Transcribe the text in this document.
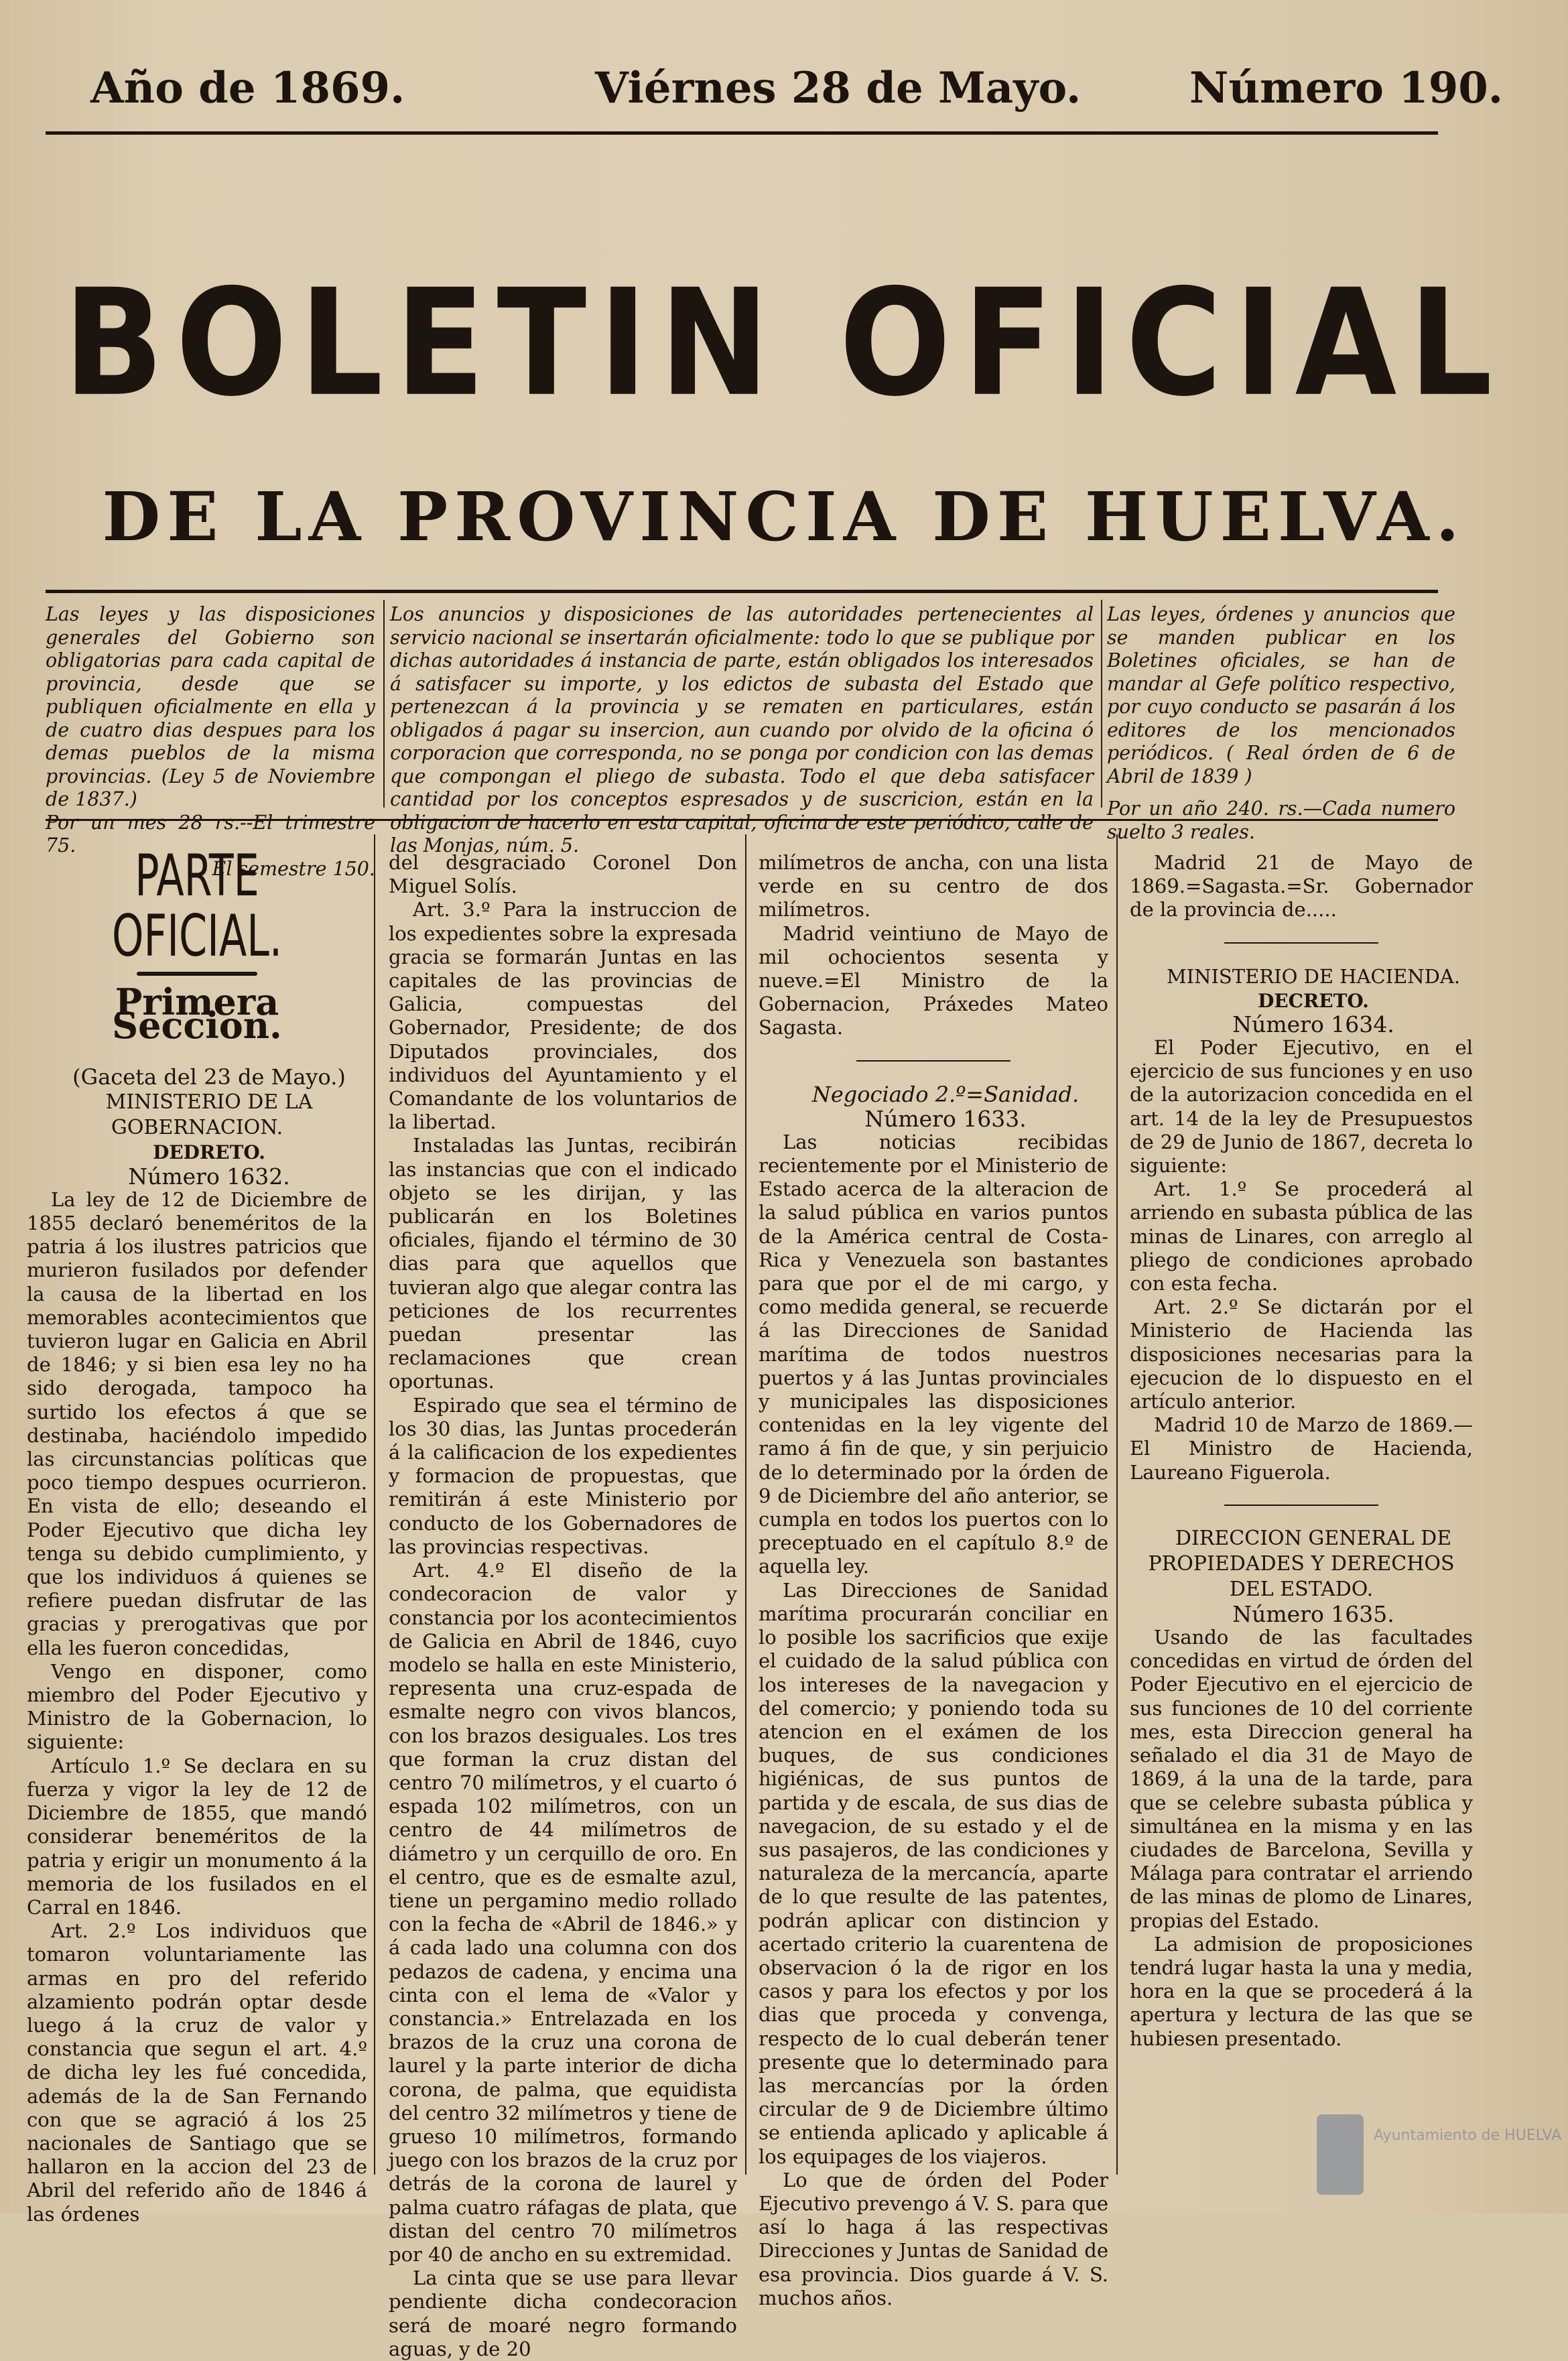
Año de 1869.	Viérnes 28 de Mayo.	Número 190.
BOLETIN OFICIAL
DE LA PROVINCIA DE HUELVA.
Las leyes y las disposiciones generales del Gobierno son obligatorias para cada capital de provincia, desde que se publiquen oficialmente en ella y de cuatro dias despues para los demas pueblos de la misma provincias. (Ley 5 de Noviembre de 1837.)
Por un mes 28 rs.--El trimestre 75.
El semestre 150.
Los anuncios y disposiciones de las autoridades pertenecientes al servicio nacional se insertarán oficialmente: todo lo que se publique por dichas autoridades á instancia de parte, están obligados los interesados á satisfacer su importe, y los edictos de subasta del Estado que pertenezcan á la provincia y se rematen en particulares, están obligados á pagar su insercion, aun cuando por olvido de la oficina ó corporacion que corresponda, no se ponga por condicion con las demas que compongan el pliego de subasta. Todo el que deba satisfacer cantidad por los conceptos espresados y de suscricion, están en la obligacion de hacerlo en esta capital, oficina de este periódico, calle de las Monjas, núm. 5.
Las leyes, órdenes y anuncios que se manden publicar en los Boletines oficiales, se han de mandar al Gefe político respectivo, por cuyo conducto se pasarán á los editores de los mencionados periódicos. ( Real órden de 6 de Abril de 1839 )
Por un año 240. rs.—Cada numero suelto 3 reales.
PARTE OFICIAL.
Primera Seccion.

(Gaceta del 23 de Mayo.)

MINISTERIO DE LA GOBERNACION.

DEDRETO.

Número 1632.

La ley de 12 de Diciembre de 1855 declaró beneméritos de la patria á los ilustres patricios que murieron fusilados por defender la causa de la libertad en los memorables acontecimientos que tuvieron lugar en Galicia en Abril de 1846; y si bien esa ley no ha sido derogada, tampoco ha surtido los efectos á que se destinaba, haciéndolo impedido las circunstancias políticas que poco tiempo despues ocurrieron. En vista de ello; deseando el Poder Ejecutivo que dicha ley tenga su debido cumplimiento, y que los individuos á quienes se refiere puedan disfrutar de las gracias y prerogativas que por ella les fueron concedidas,

Vengo en disponer, como miembro del Poder Ejecutivo y Ministro de la Gobernacion, lo siguiente:

Artículo 1.º Se declara en su fuerza y vigor la ley de 12 de Diciembre de 1855, que mandó considerar beneméritos de la patria y erigir un monumento á la memoria de los fusilados en el Carral en 1846.

Art. 2.º Los individuos que tomaron voluntariamente las armas en pro del referido alzamiento podrán optar desde luego á la cruz de valor y constancia que segun el art. 4.º de dicha ley les fué concedida, además de la de San Fernando con que se agració á los 25 nacionales de Santiago que se hallaron en la accion del 23 de Abril del referido año de 1846 á las órdenes

del desgraciado Coronel Don Miguel Solís.

Art. 3.º Para la instruccion de los expedientes sobre la expresada gracia se formarán Juntas en las capitales de las provincias de Galicia, compuestas del Gobernador, Presidente; de dos Diputados provinciales, dos individuos del Ayuntamiento y el Comandante de los voluntarios de la libertad.

Instaladas las Juntas, recibirán las instancias que con el indicado objeto se les dirijan, y las publicarán en los Boletines oficiales, fijando el término de 30 dias para que aquellos que tuvieran algo que alegar contra las peticiones de los recurrentes puedan presentar las reclamaciones que crean oportunas.

Espirado que sea el término de los 30 dias, las Juntas procederán á la calificacion de los expedientes y formacion de propuestas, que remitirán á este Ministerio por conducto de los Gobernadores de las provincias respectivas.

Art. 4.º El diseño de la condecoracion de valor y constancia por los acontecimientos de Galicia en Abril de 1846, cuyo modelo se halla en este Ministerio, representa una cruz-espada de esmalte negro con vivos blancos, con los brazos desiguales. Los tres que forman la cruz distan del centro 70 milímetros, y el cuarto ó espada 102 milímetros, con un centro de 44 milímetros de diámetro y un cerquillo de oro. En el centro, que es de esmalte azul, tiene un pergamino medio rollado con la fecha de «Abril de 1846.» y á cada lado una columna con dos pedazos de cadena, y encima una cinta con el lema de «Valor y constancia.» Entrelazada en los brazos de la cruz una corona de laurel y la parte interior de dicha corona, de palma, que equidista del centro 32 milímetros y tiene de grueso 10 milímetros, formando juego con los brazos de la cruz por detrás de la corona de laurel y palma cuatro ráfagas de plata, que distan del centro 70 milímetros por 40 de ancho en su extremidad.

La cinta que se use para llevar pendiente dicha condecoracion será de moaré negro formando aguas, y de 20

milímetros de ancha, con una lista verde en su centro de dos milímetros.

Madrid veintiuno de Mayo de mil ochocientos sesenta y nueve.=El Ministro de la Gobernacion, Práxedes Mateo Sagasta.

Negociado 2.º=Sanidad.

Número 1633.

Las noticias recibidas recientemente por el Ministerio de Estado acerca de la alteracion de la salud pública en varios puntos de la América central de Costa-Rica y Venezuela son bastantes para que por el de mi cargo, y como medida general, se recuerde á las Direcciones de Sanidad marítima de todos nuestros puertos y á las Juntas provinciales y municipales las disposiciones contenidas en la ley vigente del ramo á fin de que, y sin perjuicio de lo determinado por la órden de 9 de Diciembre del año anterior, se cumpla en todos los puertos con lo preceptuado en el capítulo 8.º de aquella ley.

Las Direcciones de Sanidad marítima procurarán conciliar en lo posible los sacrificios que exije el cuidado de la salud pública con los intereses de la navegacion y del comercio; y poniendo toda su atencion en el exámen de los buques, de sus condiciones higiénicas, de sus puntos de partida y de escala, de sus dias de navegacion, de su estado y el de sus pasajeros, de las condiciones y naturaleza de la mercancía, aparte de lo que resulte de las patentes, podrán aplicar con distincion y acertado criterio la cuarentena de observacion ó la de rigor en los casos y para los efectos y por los dias que proceda y convenga, respecto de lo cual deberán tener presente que lo determinado para las mercancías por la órden circular de 9 de Diciembre último se entienda aplicado y aplicable á los equipages de los viajeros.

Lo que de órden del Poder Ejecutivo prevengo á V. S. para que así lo haga á las respectivas Direcciones y Juntas de Sanidad de esa provincia. Dios guarde á V. S. muchos años.

Madrid 21 de Mayo de 1869.=Sagasta.=Sr. Gobernador de la provincia de.....

MINISTERIO DE HACIENDA.

DECRETO.

Número 1634.

El Poder Ejecutivo, en el ejercicio de sus funciones y en uso de la autorizacion concedida en el art. 14 de la ley de Presupuestos de 29 de Junio de 1867, decreta lo siguiente:

Art. 1.º Se procederá al arriendo en subasta pública de las minas de Linares, con arreglo al pliego de condiciones aprobado con esta fecha.

Art. 2.º Se dictarán por el Ministerio de Hacienda las disposiciones necesarias para la ejecucion de lo dispuesto en el artículo anterior.

Madrid 10 de Marzo de 1869.—El Ministro de Hacienda, Laureano Figuerola.

DIRECCION GENERAL DE PROPIEDADES Y DERECHOS DEL ESTADO.

Número 1635.

Usando de las facultades concedidas en virtud de órden del Poder Ejecutivo en el ejercicio de sus funciones de 10 del corriente mes, esta Direccion general ha señalado el dia 31 de Mayo de 1869, á la una de la tarde, para que se celebre subasta pública y simultánea en la misma y en las ciudades de Barcelona, Sevilla y Málaga para contratar el arriendo de las minas de plomo de Linares, propias del Estado.

La admision de proposiciones tendrá lugar hasta la una y media, hora en la que se procederá á la apertura y lectura de las que se hubiesen presentado.

Ayuntamiento de HUELVA
